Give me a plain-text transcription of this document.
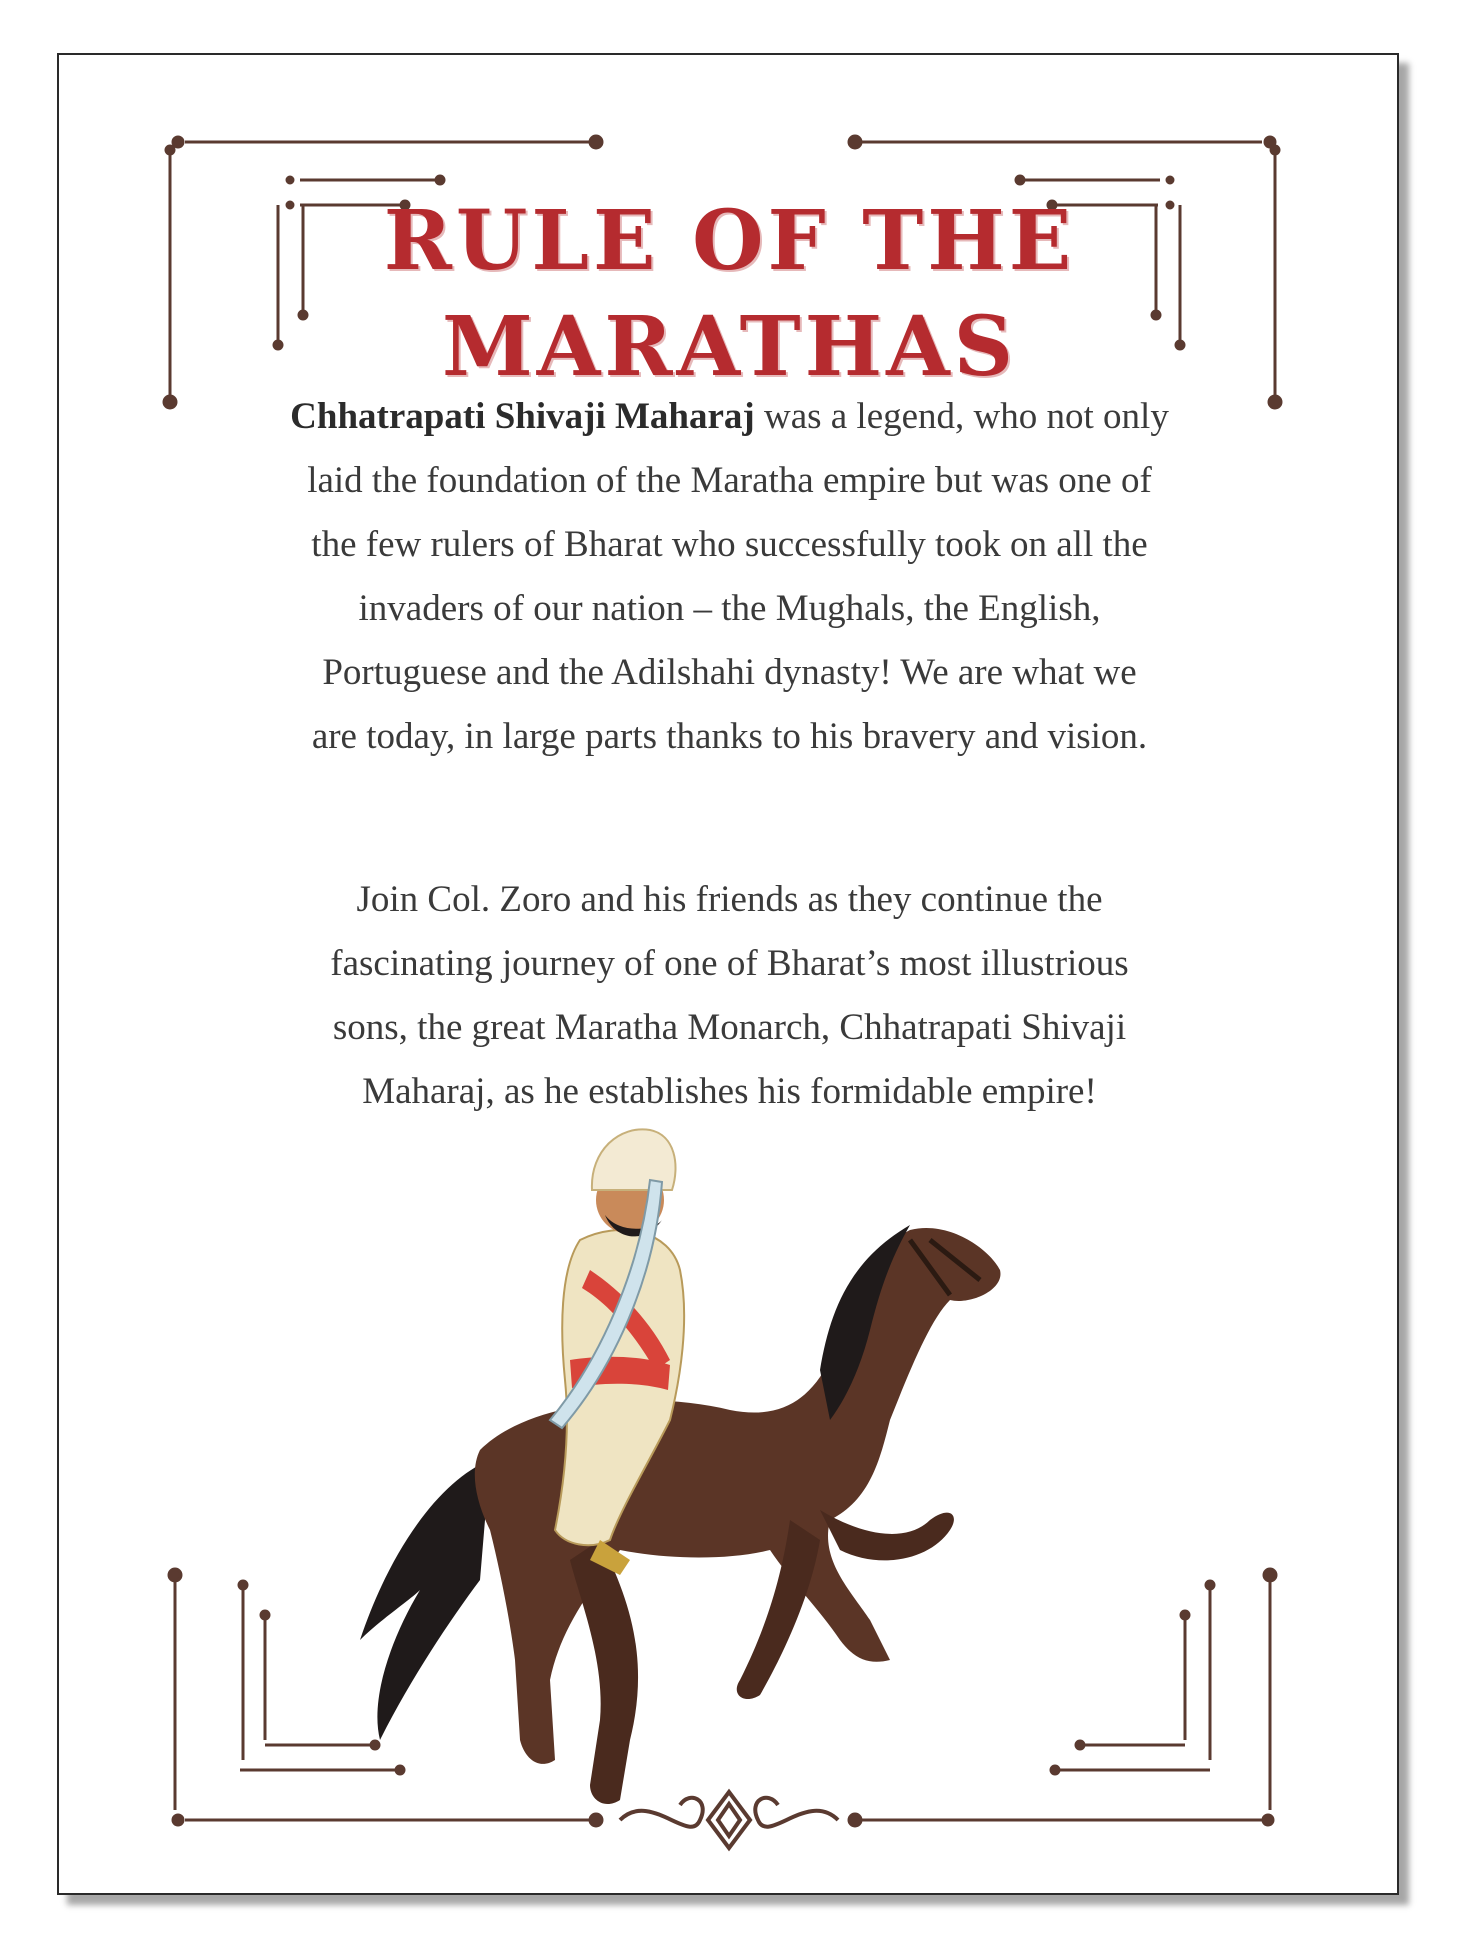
RULE OF THE
MARATHAS

Chhatrapati Shivaji Maharaj was a legend, who not only
laid the foundation of the Maratha empire but was one of
the few rulers of Bharat who successfully took on all the
invaders of our nation – the Mughals, the English,
Portuguese and the Adilshahi dynasty! We are what we
are today, in large parts thanks to his bravery and vision.

Join Col. Zoro and his friends as they continue the
fascinating journey of one of Bharat’s most illustrious
sons, the great Maratha Monarch, Chhatrapati Shivaji
Maharaj, as he establishes his formidable empire!
